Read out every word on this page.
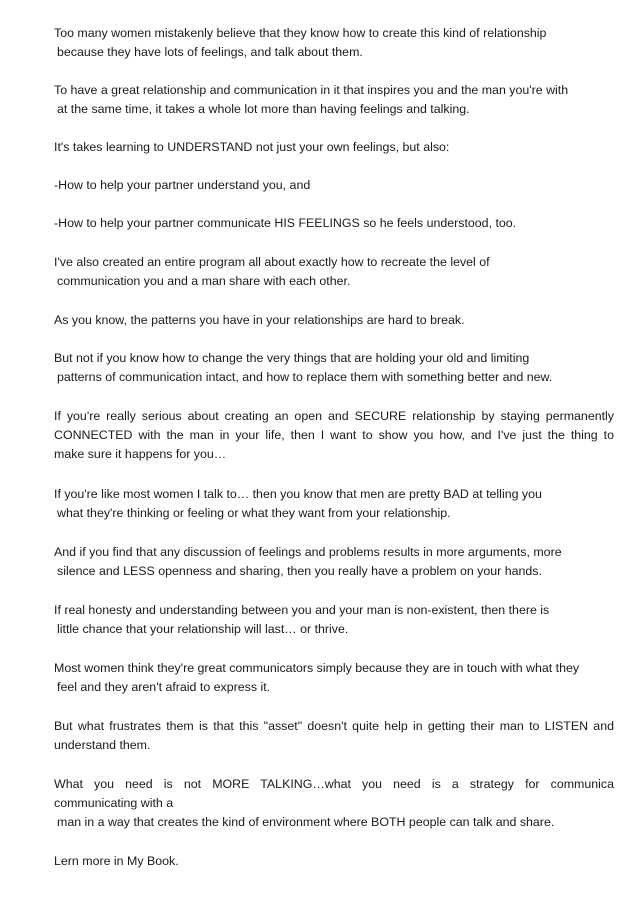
Too many women mistakenly believe that they know how to create this kind of relationship

because they have lots of feelings, and talk about them.

To have a great relationship and communication in it that inspires you and the man you're with

at the same time, it takes a whole lot more than having feelings and talking.

It's takes learning to UNDERSTAND not just your own feelings, but also:

-How to help your partner understand you, and

-How to help your partner communicate HIS FEELINGS so he feels understood, too.

I've also created an entire program all about exactly how to recreate the level of

communication you and a man share with each other.

As you know, the patterns you have in your relationships are hard to break.

But not if you know how to change the very things that are holding your old and limiting

patterns of communication intact, and how to replace them with something better and new.

If you're really serious about creating an open and SECURE relationship by staying permanently

CONNECTED with the man in your life, then I want to show you how, and I've just the thing to

make sure it happens for you…

If you're like most women I talk to… then you know that men are pretty BAD at telling you

what they're thinking or feeling or what they want from your relationship.

And if you find that any discussion of feelings and problems results in more arguments, more

silence and LESS openness and sharing, then you really have a problem on your hands.

If real honesty and understanding between you and your man is non-existent, then there is

little chance that your relationship will last… or thrive.

Most women think they're great communicators simply because they are in touch with what they

feel and they aren't afraid to express it.

But what frustrates them is that this "asset" doesn't quite help in getting their man to LISTEN and

understand them.

What you need is not MORE TALKING…what you need is a strategy for communica

communicating with a

man in a way that creates the kind of environment where BOTH people can talk and share.

Lern more in My Book.
